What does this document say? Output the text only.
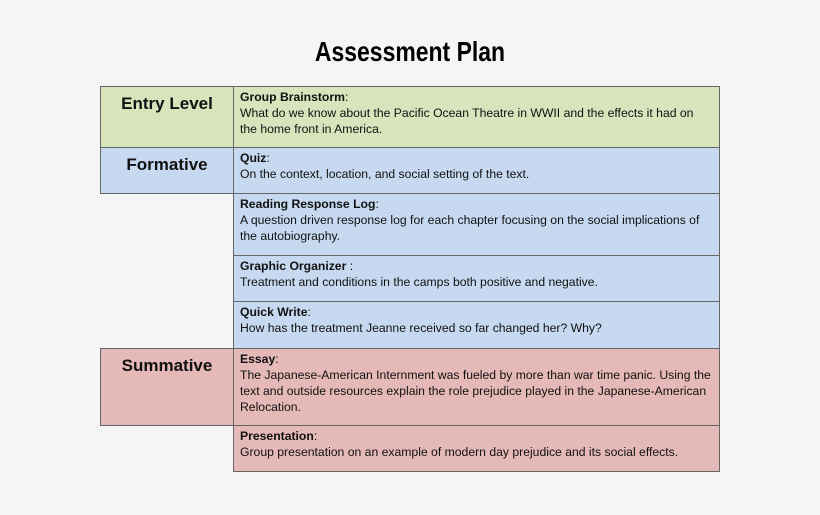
Assessment Plan
Entry Level
Formative
Summative
Group Brainstorm:
What do we know about the Pacific Ocean Theatre in WWII and the effects it had on the home front in America.
Quiz:
On the context, location, and social setting of the text.
Reading Response Log:
A question driven response log for each chapter focusing on the social implications of the autobiography.
Graphic Organizer :
Treatment and conditions in the camps both positive and negative.
Quick Write:
How has the treatment Jeanne received so far changed her? Why?
Essay:
The Japanese-American Internment was fueled by more than war time panic. Using the text and outside resources explain the role prejudice played in the Japanese-American Relocation.
Presentation:
Group presentation on an example of modern day prejudice and its social effects.
